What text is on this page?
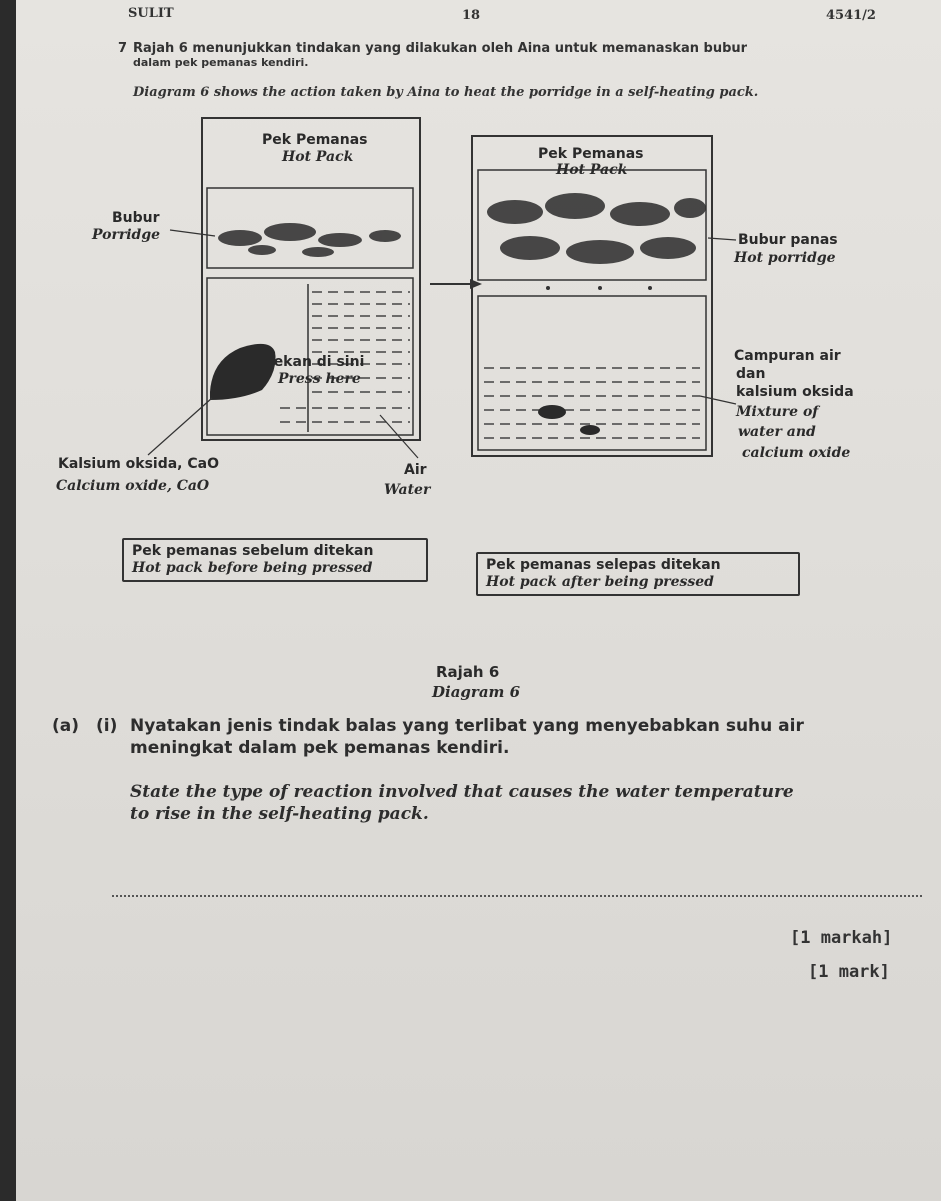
SULIT	18	4541/2
7 Rajah 6 menunjukkan tindakan yang dilakukan oleh Aina untuk memanaskan bubur
dalam pek pemanas kendiri.
Diagram 6 shows the action taken by Aina to heat the porridge in a self-heating pack.
Pek Pemanas
Hot Pack
Bubur
Porridge
Tekan di sini
Press here
Kalsium oksida, CaO
Calcium oxide, CaO
Air
Water
Pek Pemanas
Hot Pack
Bubur panas
Hot porridge
Campuran air
dan
kalsium oksida
Mixture of
water and
calcium oxide
Pek pemanas sebelum ditekan
Hot pack before being pressed	Pek pemanas selepas ditekan
Hot pack after being pressed
Rajah 6
Diagram 6
(a) (i) Nyatakan jenis tindak balas yang terlibat yang menyebabkan suhu air
meningkat dalam pek pemanas kendiri.
State the type of reaction involved that causes the water temperature
to rise in the self-heating pack.
[1 markah]
[1 mark]
